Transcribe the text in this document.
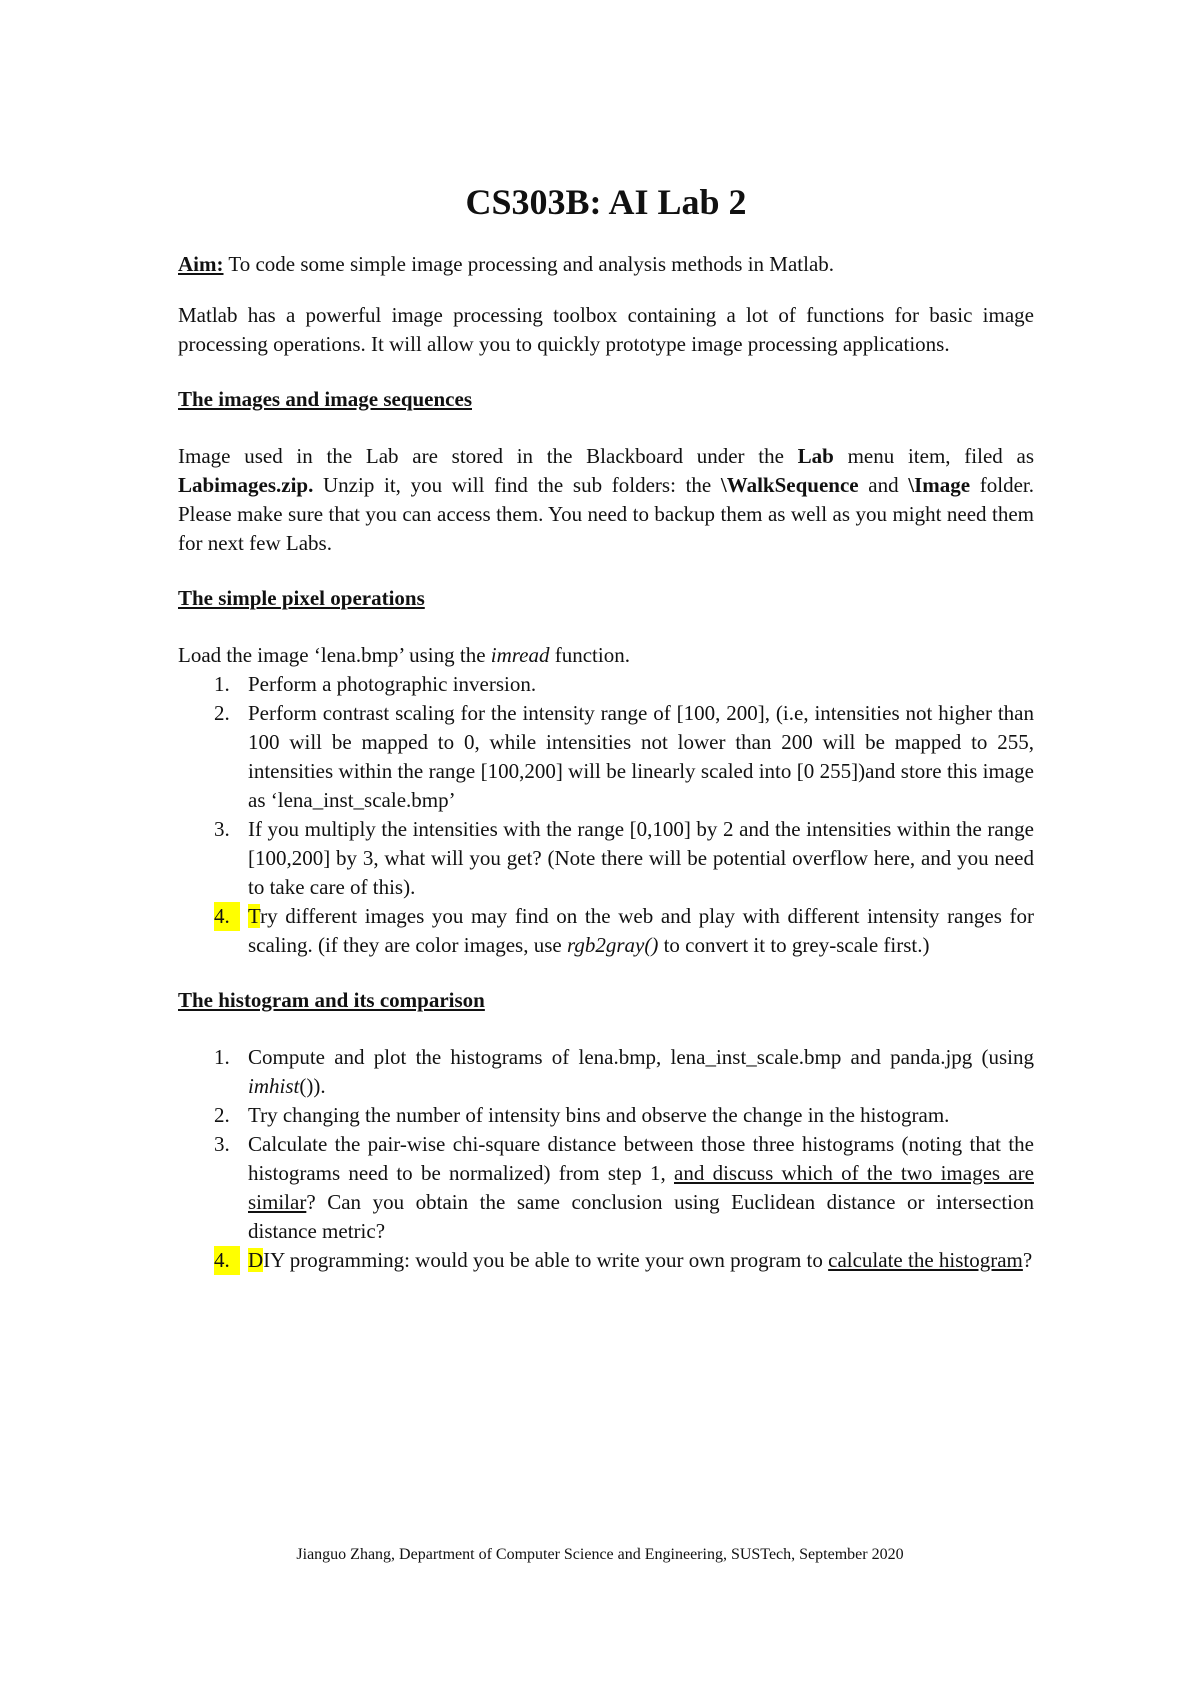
CS303B: AI Lab 2

Aim: To code some simple image processing and analysis methods in Matlab.

Matlab has a powerful image processing toolbox containing a lot of functions for basic image processing operations. It will allow you to quickly prototype image processing applications.

The images and image sequences

Image used in the Lab are stored in the Blackboard under the Lab menu item, filed as Labimages.zip. Unzip it, you will find the sub folders: the \WalkSequence and \Image folder. Please make sure that you can access them. You need to backup them as well as you might need them for next few Labs.

The simple pixel operations

Load the image ‘lena.bmp’ using the imread function.

1. Perform a photographic inversion.
2. Perform contrast scaling for the intensity range of [100, 200], (i.e, intensities not higher than 100 will be mapped to 0, while intensities not lower than 200 will be mapped to 255, intensities within the range [100,200] will be linearly scaled into [0 255])and store this image as ‘lena_inst_scale.bmp’
3. If you multiply the intensities with the range [0,100] by 2 and the intensities within the range [100,200] by 3, what will you get? (Note there will be potential overflow here, and you need to take care of this).
4. Try different images you may find on the web and play with different intensity ranges for scaling. (if they are color images, use rgb2gray() to convert it to grey-scale first.)

The histogram and its comparison

1. Compute and plot the histograms of lena.bmp, lena_inst_scale.bmp and panda.jpg (using imhist()).
2. Try changing the number of intensity bins and observe the change in the histogram.
3. Calculate the pair-wise chi-square distance between those three histograms (noting that the histograms need to be normalized) from step 1, and discuss which of the two images are similar? Can you obtain the same conclusion using Euclidean distance or intersection distance metric?
4. DIY programming: would you be able to write your own program to calculate the histogram?
Jianguo Zhang, Department of Computer Science and Engineering, SUSTech, September 2020
